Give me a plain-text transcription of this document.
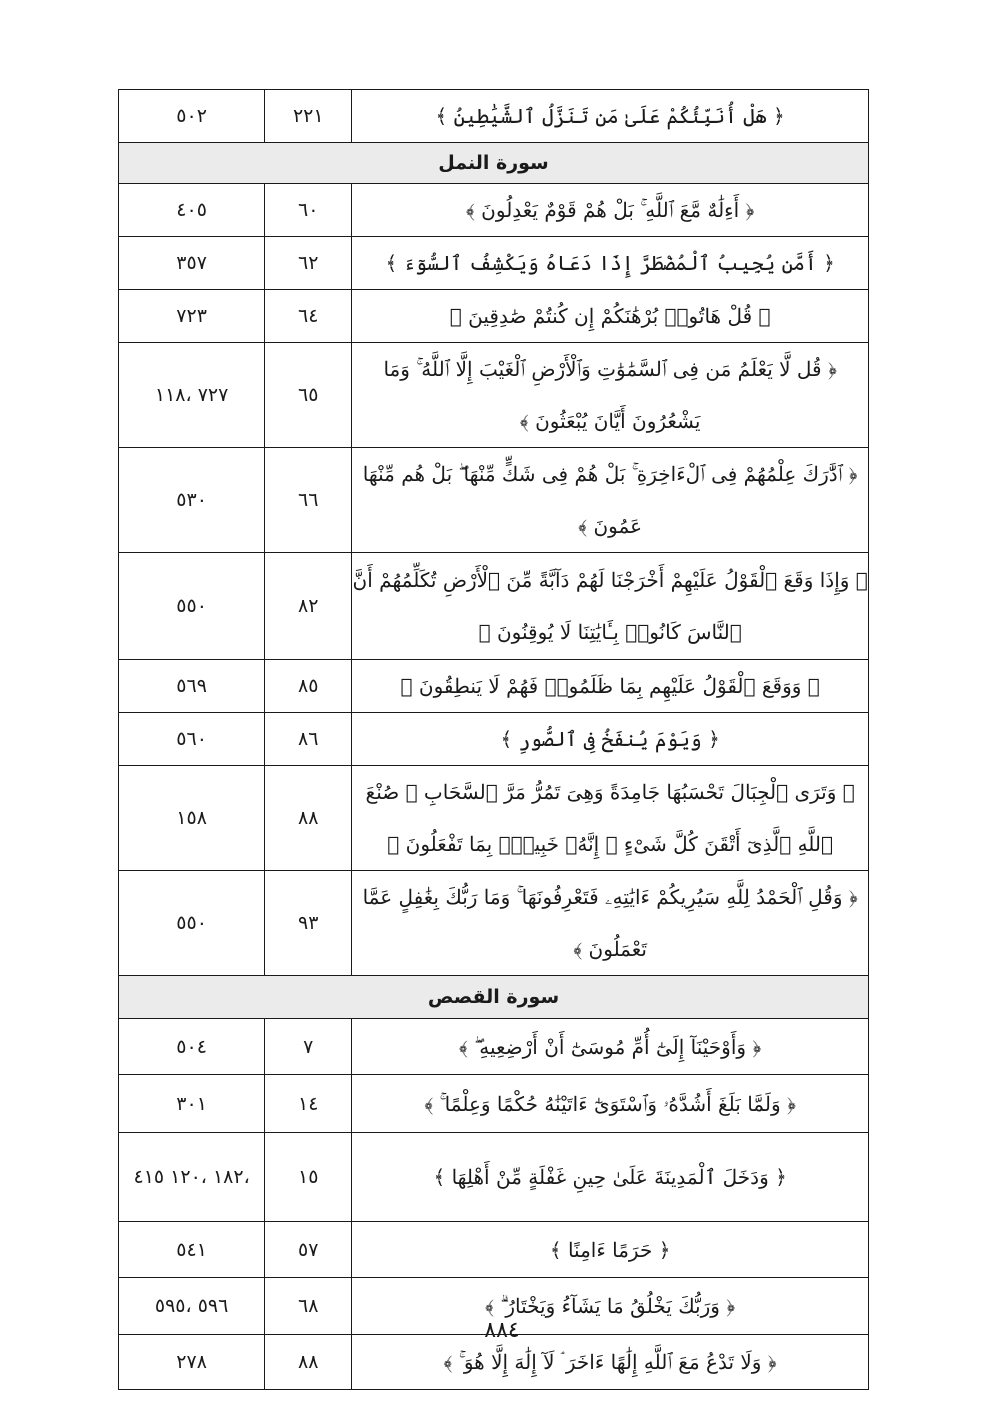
﴿ هَلْ أُنَبِّئُكُمْ عَلَىٰ مَن تَنَزَّلُ ٱلشَّيَٰطِينُ ﴾	٢٢١	٥٠٢
سورة النمل		
﴿ أَءِلَٰهٌ مَّعَ ٱللَّهِ ۚ بَلْ هُمْ قَوْمٌ يَعْدِلُونَ ﴾	٦٠	٤٠٥
﴿ أَمَّن يُجِيبُ ٱلْمُضْطَرَّ إِذَا دَعَاهُ وَيَكْشِفُ ٱلسُّوٓءَ ﴾	٦٢	٣٥٧
﴿ قُلْ هَاتُوا۟ بُرْهَٰنَكُمْ إِن كُنتُمْ صَٰدِقِينَ ﴾	٦٤	٧٢٣
﴿ قُل لَّا يَعْلَمُ مَن فِى ٱلسَّمَٰوَٰتِ وَٱلْأَرْضِ ٱلْغَيْبَ إِلَّا ٱللَّهُ ۚ وَمَا يَشْعُرُونَ أَيَّانَ يُبْعَثُونَ ﴾	٦٥	٧٢٧ ،١١٨
﴿ ٱدَّٰرَكَ عِلْمُهُمْ فِى ٱلْءَاخِرَةِ ۚ بَلْ هُمْ فِى شَكٍّ مِّنْهَا ۖ بَلْ هُم مِّنْهَا عَمُونَ ﴾	٦٦	٥٣٠
﴿ وَإِذَا وَقَعَ ٱلْقَوْلُ عَلَيْهِمْ أَخْرَجْنَا لَهُمْ دَآبَّةً مِّنَ ٱلْأَرْضِ تُكَلِّمُهُمْ أَنَّ ٱلنَّاسَ كَانُوا۟ بِـَٔايَٰتِنَا لَا يُوقِنُونَ ﴾	٨٢	٥٥٠
﴿ وَوَقَعَ ٱلْقَوْلُ عَلَيْهِم بِمَا ظَلَمُوا۟ فَهُمْ لَا يَنطِقُونَ ﴾	٨٥	٥٦٩
﴿ وَيَوْمَ يُنفَخُ فِى ٱلصُّورِ ﴾	٨٦	٥٦٠
﴿ وَتَرَى ٱلْجِبَالَ تَحْسَبُهَا جَامِدَةً وَهِىَ تَمُرُّ مَرَّ ٱلسَّحَابِ ۚ صُنْعَ ٱللَّهِ ٱلَّذِىٓ أَتْقَنَ كُلَّ شَىْءٍ ۚ إِنَّهُۥ خَبِيرٌۢ بِمَا تَفْعَلُونَ ﴾	٨٨	١٥٨
﴿ وَقُلِ ٱلْحَمْدُ لِلَّهِ سَيُرِيكُمْ ءَايَٰتِهِۦ فَتَعْرِفُونَهَا ۚ وَمَا رَبُّكَ بِغَٰفِلٍ عَمَّا تَعْمَلُونَ ﴾	٩٣	٥٥٠
سورة القصص		
﴿ وَأَوْحَيْنَآ إِلَىٰٓ أُمِّ مُوسَىٰٓ أَنْ أَرْضِعِيهِ ۖ ﴾	٧	٥٠٤
﴿ وَلَمَّا بَلَغَ أَشُدَّهُۥ وَٱسْتَوَىٰٓ ءَاتَيْنَٰهُ حُكْمًا وَعِلْمًا ۚ ﴾	١٤	٣٠١
﴿ وَدَخَلَ ٱلْمَدِينَةَ عَلَىٰ حِينِ غَفْلَةٍ مِّنْ أَهْلِهَا ﴾	١٥	،١٨٢ ،١٢٠ ٤١٥
﴿ حَرَمًا ءَامِنًا ﴾	٥٧	٥٤١
﴿ وَرَبُّكَ يَخْلُقُ مَا يَشَآءُ وَيَخْتَارُ ۗ ﴾	٦٨	٥٩٦ ،٥٩٥
﴿ وَلَا تَدْعُ مَعَ ٱللَّهِ إِلَٰهًا ءَاخَرَ ۘ لَآ إِلَٰهَ إِلَّا هُوَ ۚ ﴾	٨٨	٢٧٨
٨٨٤
